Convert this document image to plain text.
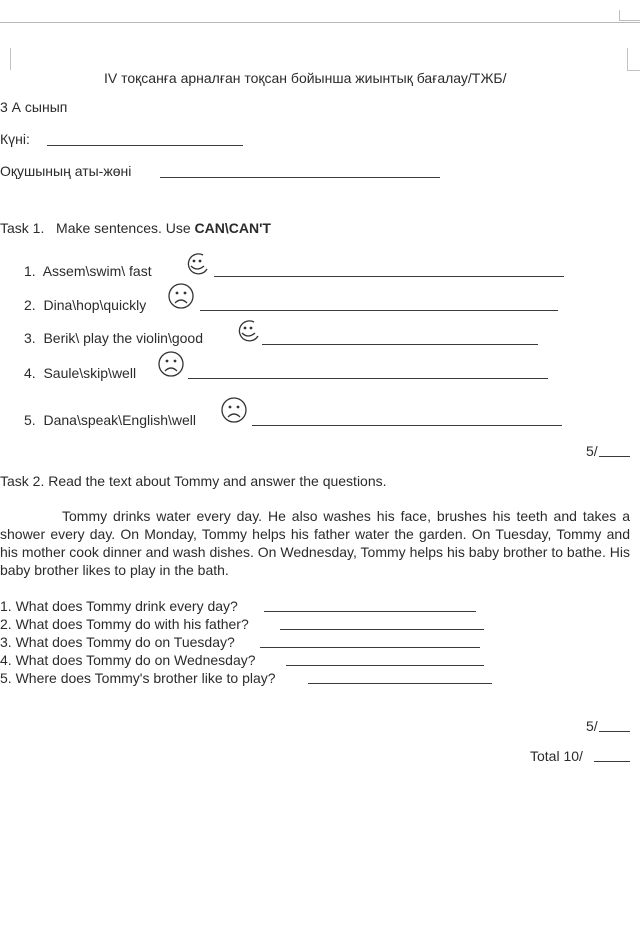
IV тоқсанға арналған тоқсан бойынша жиынтық бағалау/ТЖБ/
3 А сынып
Күні:
Оқушының аты-жөні
Task 1. Make sentences. Use CAN\CAN'T
1. Assem\swim\ fast
2. Dina\hop\quickly
3. Berik\ play the violin\good
4. Saule\skip\well
5. Dana\speak\English\well
5/
Task 2. Read the text about Tommy and answer the questions.
Tommy drinks water every day. He also washes his face, brushes his teeth and takes a shower every day. On Monday, Tommy helps his father water the garden. On Tuesday, Tommy and his mother cook dinner and wash dishes. On Wednesday, Tommy helps his baby brother to bathe. His baby brother likes to play in the bath.
1. What does Tommy drink every day?
2. What does Tommy do with his father?
3. What does Tommy do on Tuesday?
4. What does Tommy do on Wednesday?
5. Where does Tommy's brother like to play?
5/
Total 10/
